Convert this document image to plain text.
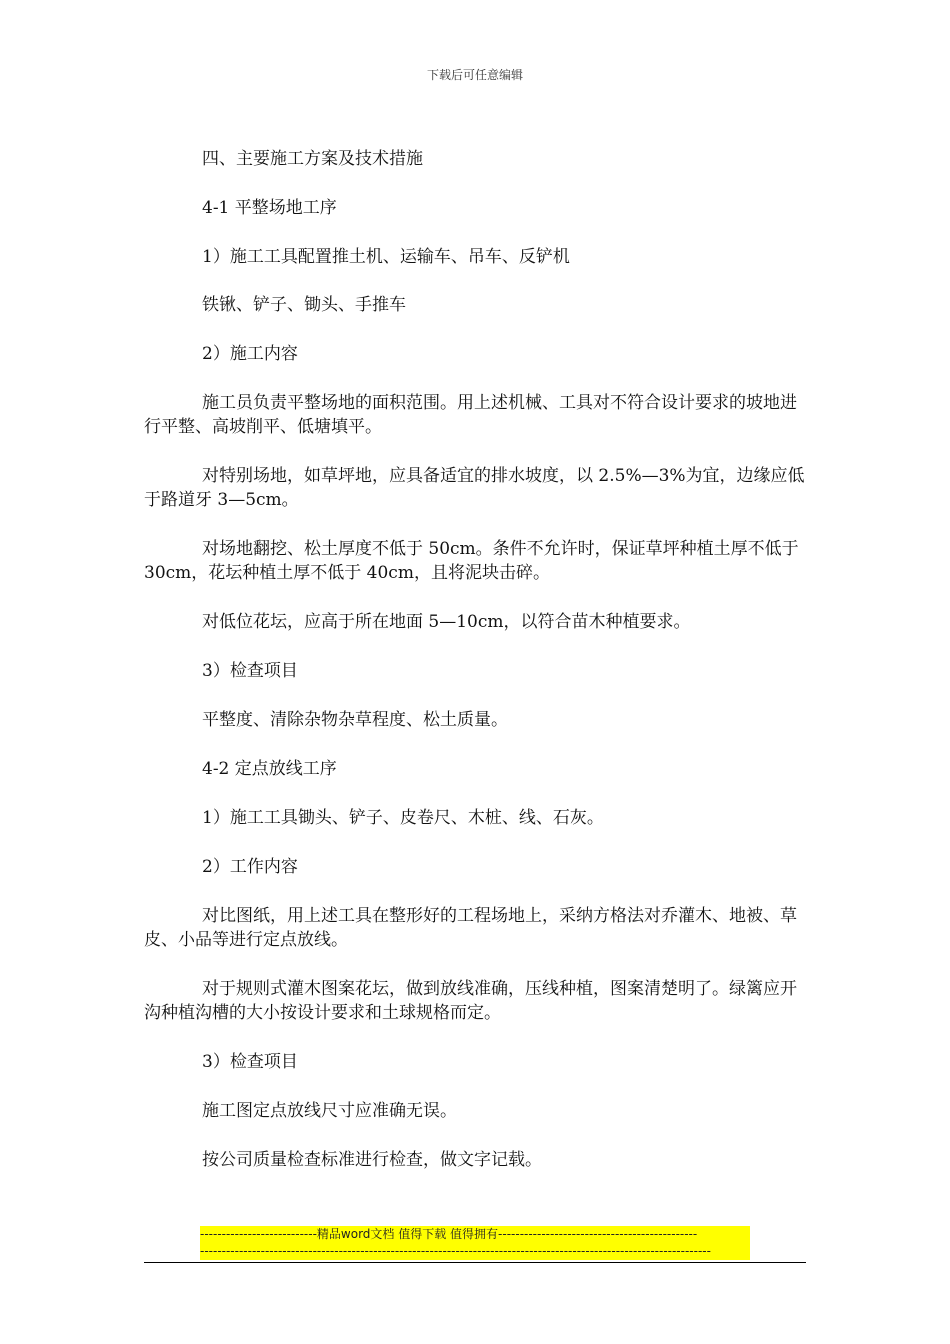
下载后可任意编辑

四、主要施工方案及技术措施

4-1 平整场地工序

1）施工工具配置推土机、运输车、吊车、反铲机

铁锹、铲子、锄头、手推车

2）施工内容

施工员负责平整场地的面积范围。用上述机械、工具对不符合设计要求的坡地进行平整、高坡削平、低塘填平。

对特别场地，如草坪地，应具备适宜的排水坡度，以 2.5%—3%为宜，边缘应低于路道牙 3—5cm。

对场地翻挖、松土厚度不低于 50cm。条件不允许时，保证草坪种植土厚不低于 30cm，花坛种植土厚不低于 40cm，且将泥块击碎。

对低位花坛，应高于所在地面 5—10cm，以符合苗木种植要求。

3）检查项目

平整度、清除杂物杂草程度、松土质量。

4-2 定点放线工序

1）施工工具锄头、铲子、皮卷尺、木桩、线、石灰。

2）工作内容

对比图纸，用上述工具在整形好的工程场地上，采纳方格法对乔灌木、地被、草皮、小品等进行定点放线。

对于规则式灌木图案花坛，做到放线准确，压线种植，图案清楚明了。绿篱应开沟种植沟槽的大小按设计要求和土球规格而定。

3）检查项目

施工图定点放线尺寸应准确无误。

按公司质量检查标准进行检查，做文字记载。

---------------------------精品word文档 值得下载 值得拥有----------------------------------------------
----------------------------------------------------------------------------------------------------------------------
